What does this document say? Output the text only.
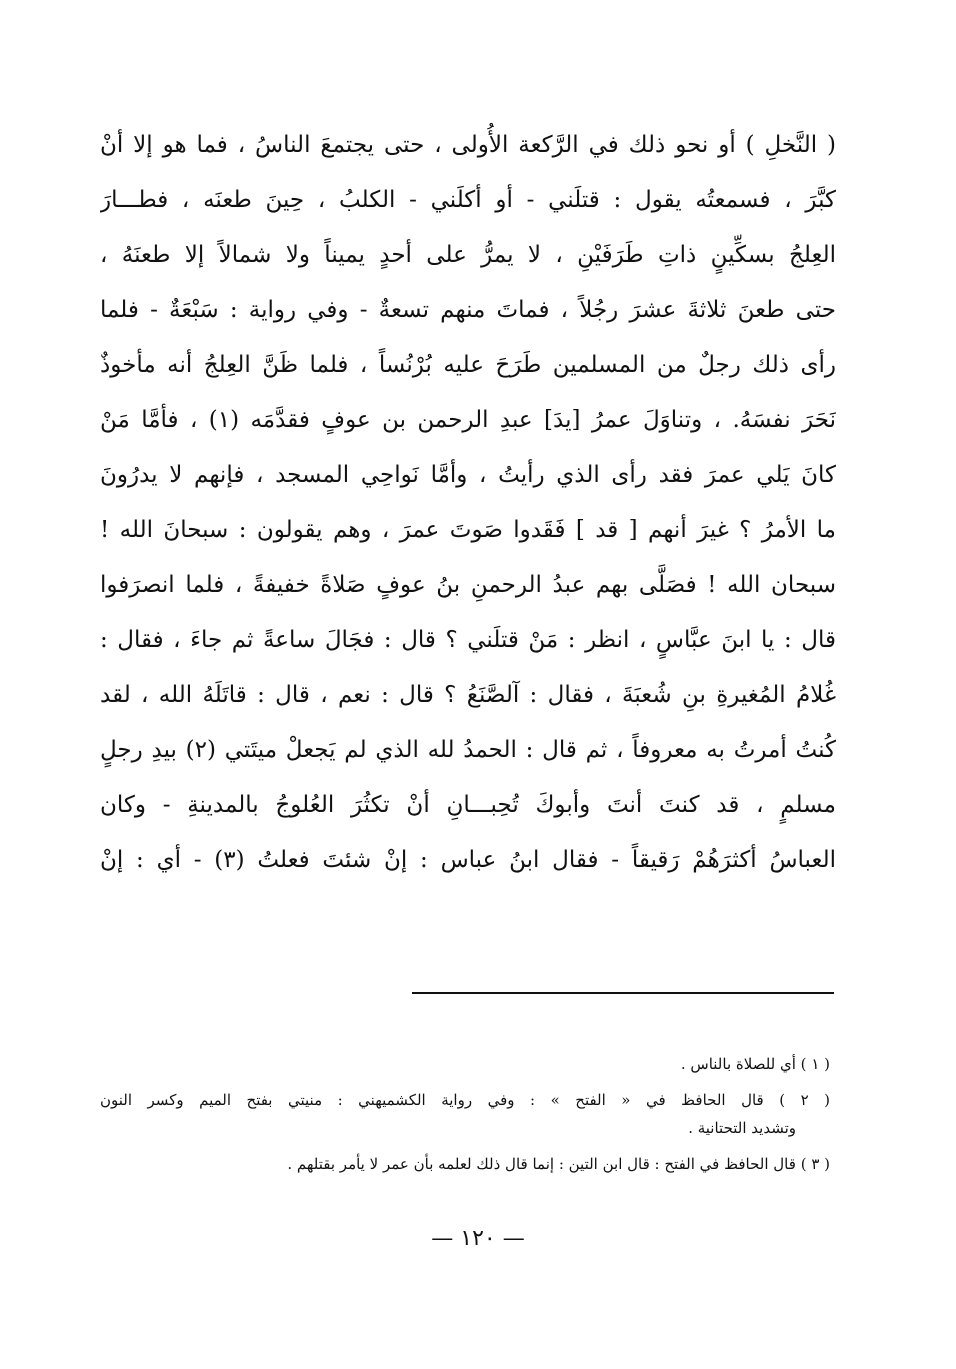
( النَّخلِ ) أو نحو ذلك في الرَّكعة الأُولى ، حتى يجتمعَ الناسُ ، فما هو إلا أنْ
كبَّرَ ، فسمعتُه يقول : قتلَني - أو أكلَني - الكلبُ ، حِينَ طعنَه ، فطـــارَ
العِلجُ بسكِّينٍ ذاتِ طَرَفَيْنِ ، لا يمرُّ على أحدٍ يميناً ولا شمالاً إلا طعنَهُ ،
حتى طعنَ ثلاثةَ عشرَ رجُلاً ، فماتَ منهم تسعةٌ - وفي رواية : سَبْعَةٌ - فلما
رأى ذلك رجلٌ من المسلمين طَرَحَ عليه بُرْنُساً ، فلما ظَنَّ العِلجُ أنه مأخوذٌ
نَحَرَ نفسَهُ. ، وتناوَلَ عمرُ [يدَ] عبدِ الرحمن بن عوفٍ فقدَّمَه (١) ، فأمَّا مَنْ
كانَ يَلي عمرَ فقد رأى الذي رأيتُ ، وأمَّا نَواحِي المسجد ، فإنهم لا يدرُونَ
ما الأمرُ ؟ غيرَ أنهم [ قد ] فَقَدوا صَوتَ عمرَ ، وهم يقولون : سبحانَ الله !
سبحان الله ! فصَلَّى بهم عبدُ الرحمنِ بنُ عوفٍ صَلاةً خفيفةً ، فلما انصرَفوا
قال : يا ابنَ عبَّاسٍ ، انظر : مَنْ قتلَني ؟ قال : فجَالَ ساعةً ثم جاءَ ، فقال :
غُلامُ المُغيرةِ بنِ شُعبَةَ ، فقال : آلصَّنَعُ ؟ قال : نعم ، قال : قاتَلَهُ الله ، لقد
كُنتُ أمرتُ به معروفاً ، ثم قال : الحمدُ لله الذي لم يَجعلْ ميتَتي (٢) بيدِ رجلٍ
مسلمٍ ، قد كنتَ أنتَ وأبوكَ تُحِبـــانِ أنْ تكثُرَ العُلوجُ بالمدينةِ - وكان
العباسُ أكثرَهُمْ رَقيقاً - فقال ابنُ عباس : إنْ شئتَ فعلتُ (٣) - أي : إنْ
( ١ ) أي للصلاة بالناس .
( ٢ ) قال الحافظ في « الفتح » : وفي رواية الكشميهني : منيتي بفتح الميم وكسر النون
وتشديد التحتانية .
( ٣ ) قال الحافظ في الفتح : قال ابن التين : إنما قال ذلك لعلمه بأن عمر لا يأمر بقتلهم .
— ١٢٠ —
